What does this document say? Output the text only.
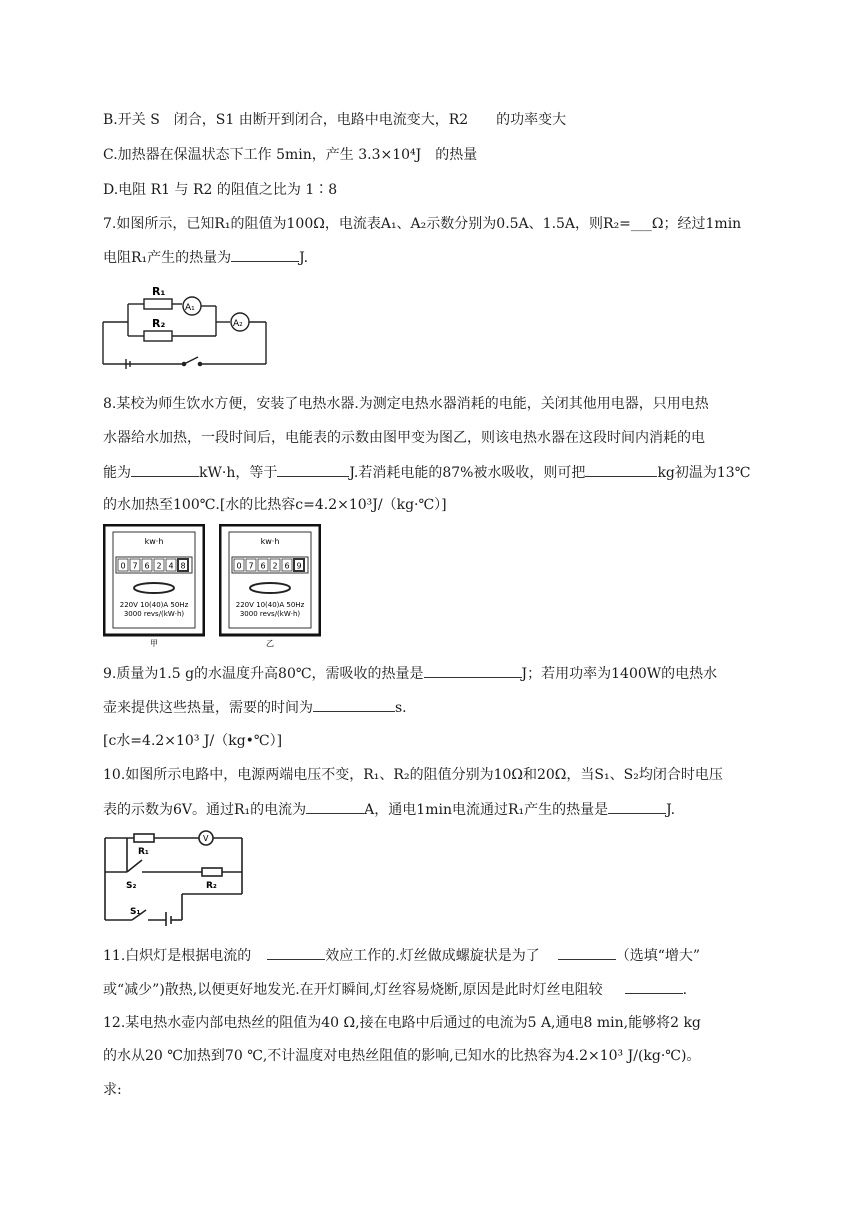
B.开关 S　闭合，S1 由断开到闭合，电路中电流变大，R2　　的功率变大
C.加热器在保温状态下工作 5min，产生 3.3×10⁴J　的热量
D.电阻 R1 与 R2 的阻值之比为 1∶8
7.如图所示，已知R₁的阻值为100Ω，电流表A₁、A₂示数分别为0.5A、1.5A，则R₂=___Ω；经过1min
电阻R₁产生的热量为	J.
R₁
R₂
A₁
A₂
8.某校为师生饮水方便，安装了电热水器.为测定电热水器消耗的电能，关闭其他用电器，只用电热
水器给水加热，一段时间后，电能表的示数由图甲变为图乙，则该电热水器在这段时间内消耗的电
能为	kW·h，等于	J.若消耗电能的87%被水吸收，则可把	kg初温为13℃
的水加热至100℃.[水的比热容c=4.2×10³J/（kg·℃）]
kw·h
0 7 6 2 4 8
220V 10(40)A 50Hz
3000 revs/(kW·h)
甲
kw·h
0 7 6 2 6 9
220V 10(40)A 50Hz
3000 revs/(kW·h)
乙
9.质量为1.5 g的水温度升高80℃，需吸收的热量是	J；若用功率为1400W的电热水
壶来提供这些热量，需要的时间为	s.
[c水=4.2×10³ J/（kg•℃）]
10.如图所示电路中，电源两端电压不变，R₁、R₂的阻值分别为10Ω和20Ω，当S₁、S₂均闭合时电压
表的示数为6V。通过R₁的电流为	A，通电1min电流通过R₁产生的热量是	J.
V
R₁
R₂
S₂
S₁
11.白炽灯是根据电流的	效应工作的.灯丝做成螺旋状是为了	（选填“增大”
或“减少”)散热,以便更好地发光.在开灯瞬间,灯丝容易烧断,原因是此时灯丝电阻较	.
12.某电热水壶内部电热丝的阻值为40 Ω,接在电路中后通过的电流为5 A,通电8 min,能够将2 kg
的水从20 ℃加热到70 ℃,不计温度对电热丝阻值的影响,已知水的比热容为4.2×10³ J/(kg·℃)。
求:
